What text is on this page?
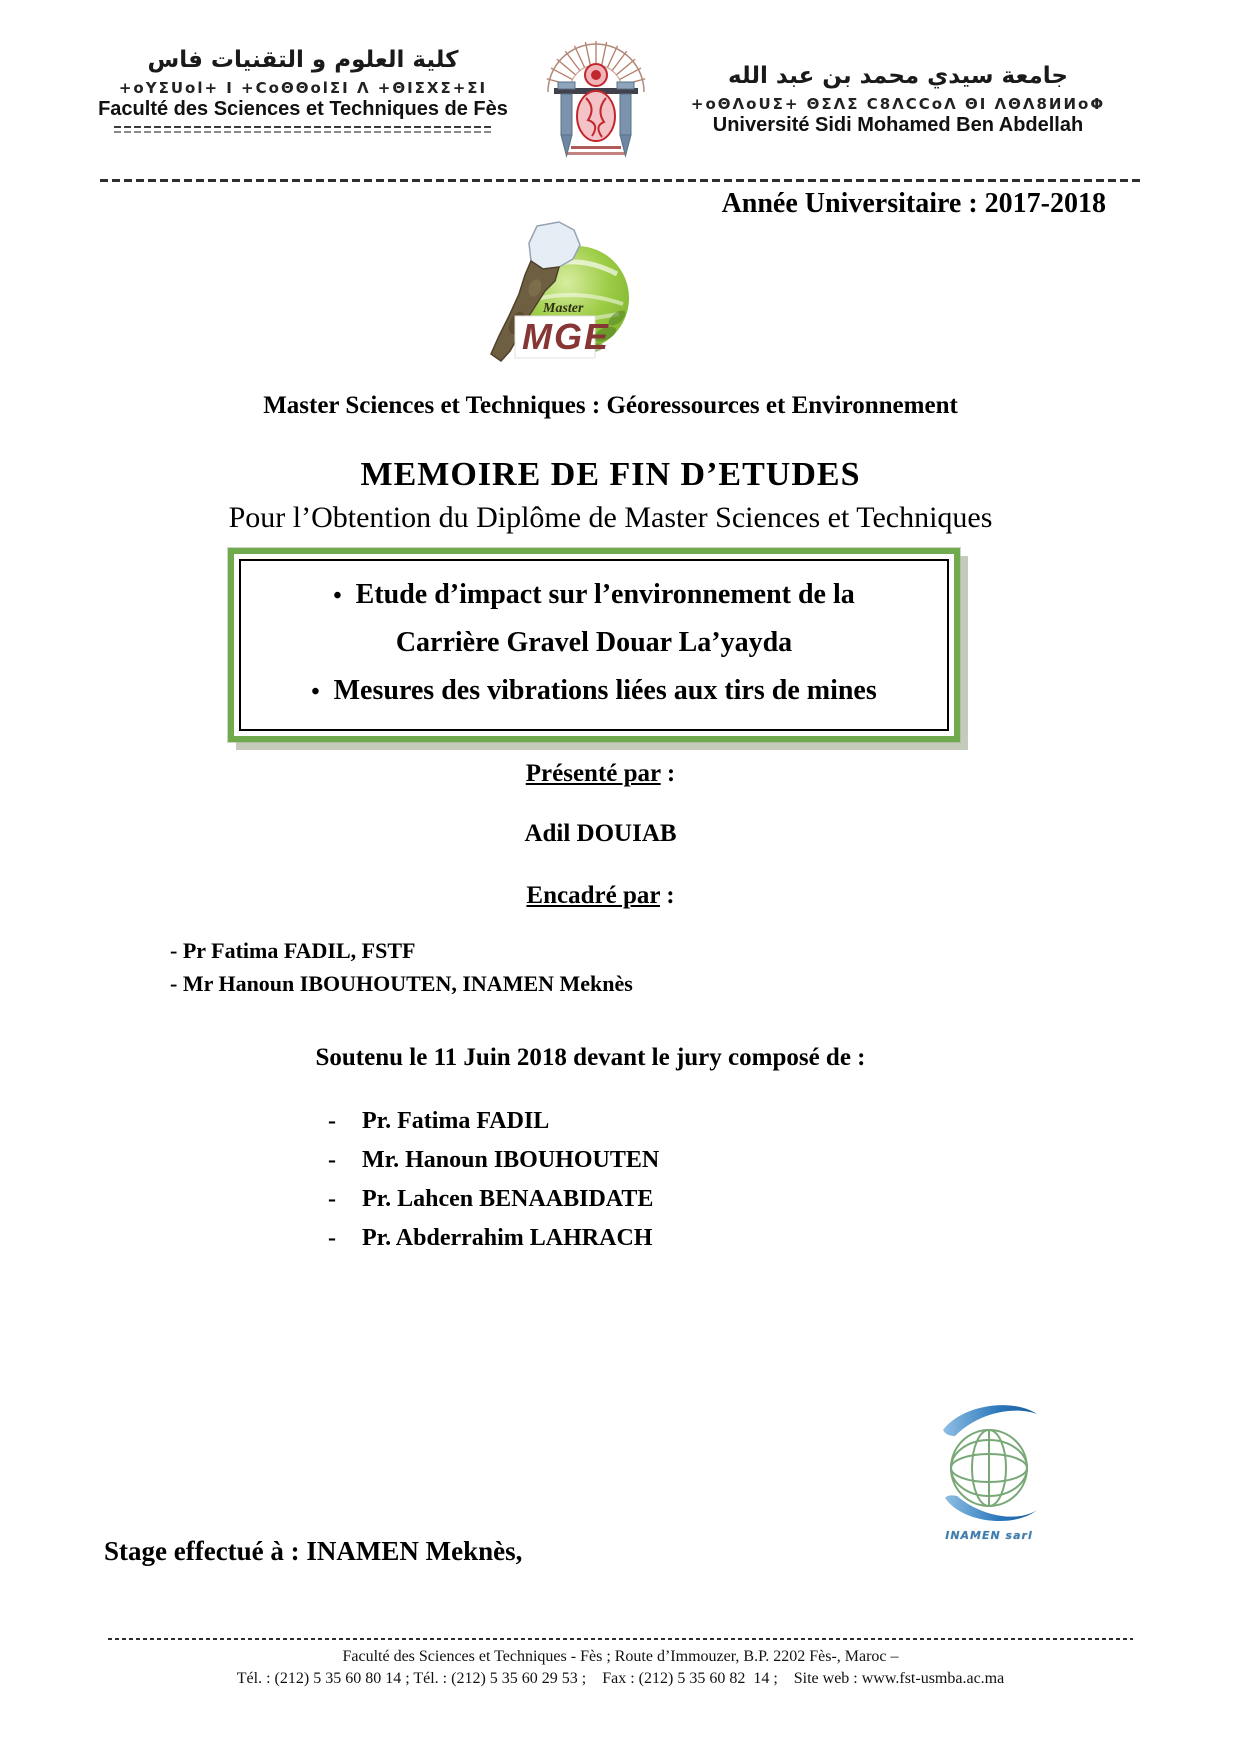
كلية العلوم و التقنيات فاس
+oYΣUol+ I +CoΘΘolΣI Λ +ΘIΣXΣ+ΣI
Faculté des Sciences et Techniques de Fès
جامعة سيدي محمد بن عبد الله
+oΘΛoUΣ+ ΘΣΛΣ C8ΛCCoΛ ΘI ΛΘΛ8ИИoΦ
Université Sidi Mohamed Ben Abdellah
Année Universitaire : 2017-2018
Master
MGE
Master Sciences et Techniques : Géoressources et Environnement
MEMOIRE DE FIN D’ETUDES
Pour l’Obtention du Diplôme de Master Sciences et Techniques
• Etude d’impact sur l’environnement de la
Carrière Gravel Douar La’yayda
• Mesures des vibrations liées aux tirs de mines
Présenté par :
Adil DOUIAB
Encadré par :
- Pr Fatima FADIL, FSTF
- Mr Hanoun IBOUHOUTEN, INAMEN Meknès
Soutenu le 11 Juin 2018 devant le jury composé de :
-	Pr. Fatima FADIL
-	Mr. Hanoun IBOUHOUTEN
-	Pr. Lahcen BENAABIDATE
-	Pr. Abderrahim LAHRACH
INAMEN sarl
Stage effectué à : INAMEN Meknès,
Faculté des Sciences et Techniques - Fès ; Route d’Immouzer, B.P. 2202 Fès-, Maroc –
Tél. : (212) 5 35 60 80 14 ; Tél. : (212) 5 35 60 29 53 ;    Fax : (212) 5 35 60 82  14 ;    Site web : www.fst-usmba.ac.ma
